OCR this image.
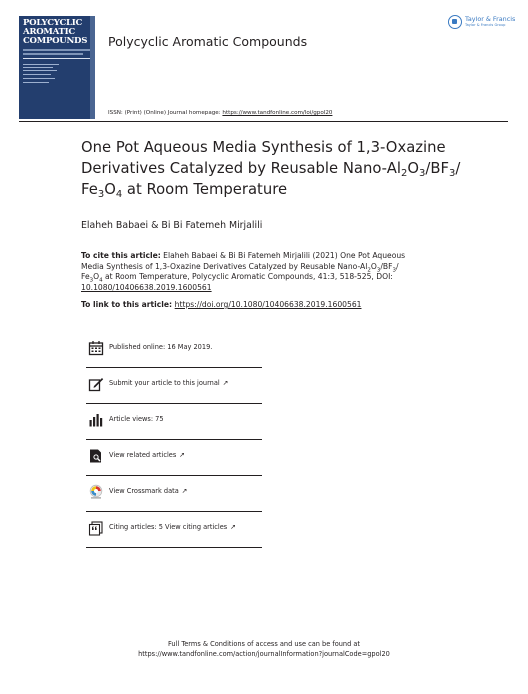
POLYCYCLIC AROMATIC COMPOUNDS	Polycyclic Aromatic Compounds
Taylor & Francis
Taylor & Francis Group
ISSN: (Print) (Online) Journal homepage: https://www.tandfonline.com/loi/gpol20
One Pot Aqueous Media Synthesis of 1,3-Oxazine Derivatives Catalyzed by Reusable Nano-$Al_2O_3/BF_3/$ $Fe_3O_4$ at Room Temperature
Elaheh Babaei & Bi Bi Fatemeh Mirjalili
To cite this article: Elaheh Babaei & Bi Bi Fatemeh Mirjalili (2021) One Pot Aqueous Media Synthesis of 1,3-Oxazine Derivatives Catalyzed by Reusable Nano-$Al_2O_3/BF_3/$ $Fe_3O_4$ at Room Temperature, Polycyclic Aromatic Compounds, 41:3, 518-525, DOI: 10.1080/10406638.2019.1600561
To link to this article: https://doi.org/10.1080/10406638.2019.1600561
Published online: 16 May 2019.
Submit your article to this journal ↗
Article views: 75
View related articles ↗
View Crossmark data ↗
Citing articles: 5 View citing articles ↗
Full Terms & Conditions of access and use can be found at
https://www.tandfonline.com/action/journalInformation?journalCode=gpol20
